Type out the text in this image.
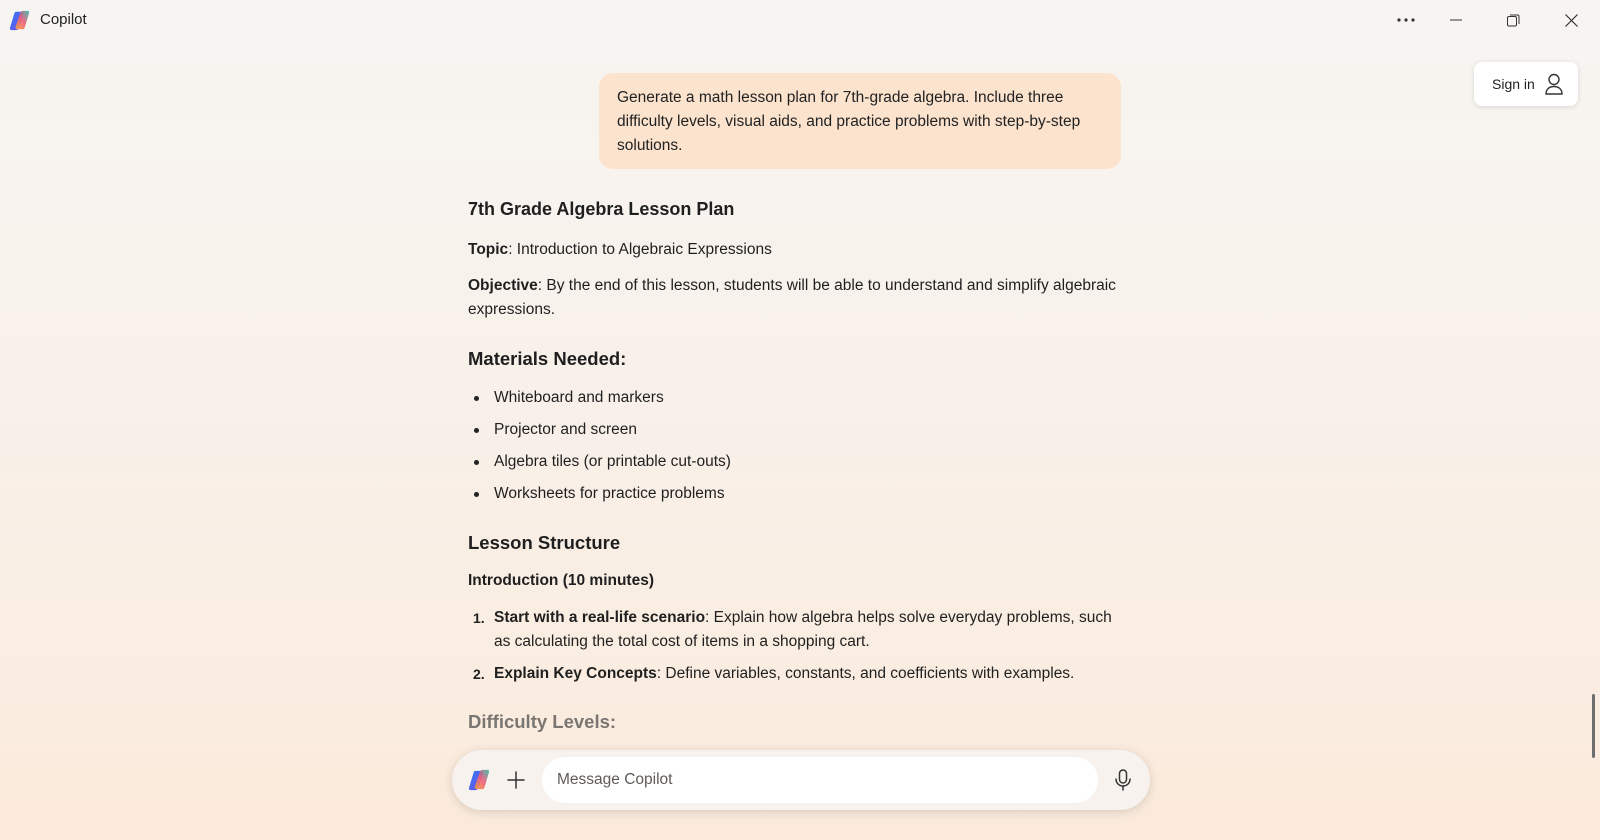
Copilot
Sign in
Generate a math lesson plan for 7th-grade algebra. Include three difficulty levels, visual aids, and practice problems with step-by-step solutions.
7th Grade Algebra Lesson Plan
Topic: Introduction to Algebraic Expressions
Objective: By the end of this lesson, students will be able to understand and simplify algebraic expressions.
Materials Needed:
Whiteboard and markers
Projector and screen
Algebra tiles (or printable cut-outs)
Worksheets for practice problems
Lesson Structure
Introduction (10 minutes)
1. Start with a real-life scenario: Explain how algebra helps solve everyday problems, such as calculating the total cost of items in a shopping cart.
2. Explain Key Concepts: Define variables, constants, and coefficients with examples.
Difficulty Levels:
Message Copilot
